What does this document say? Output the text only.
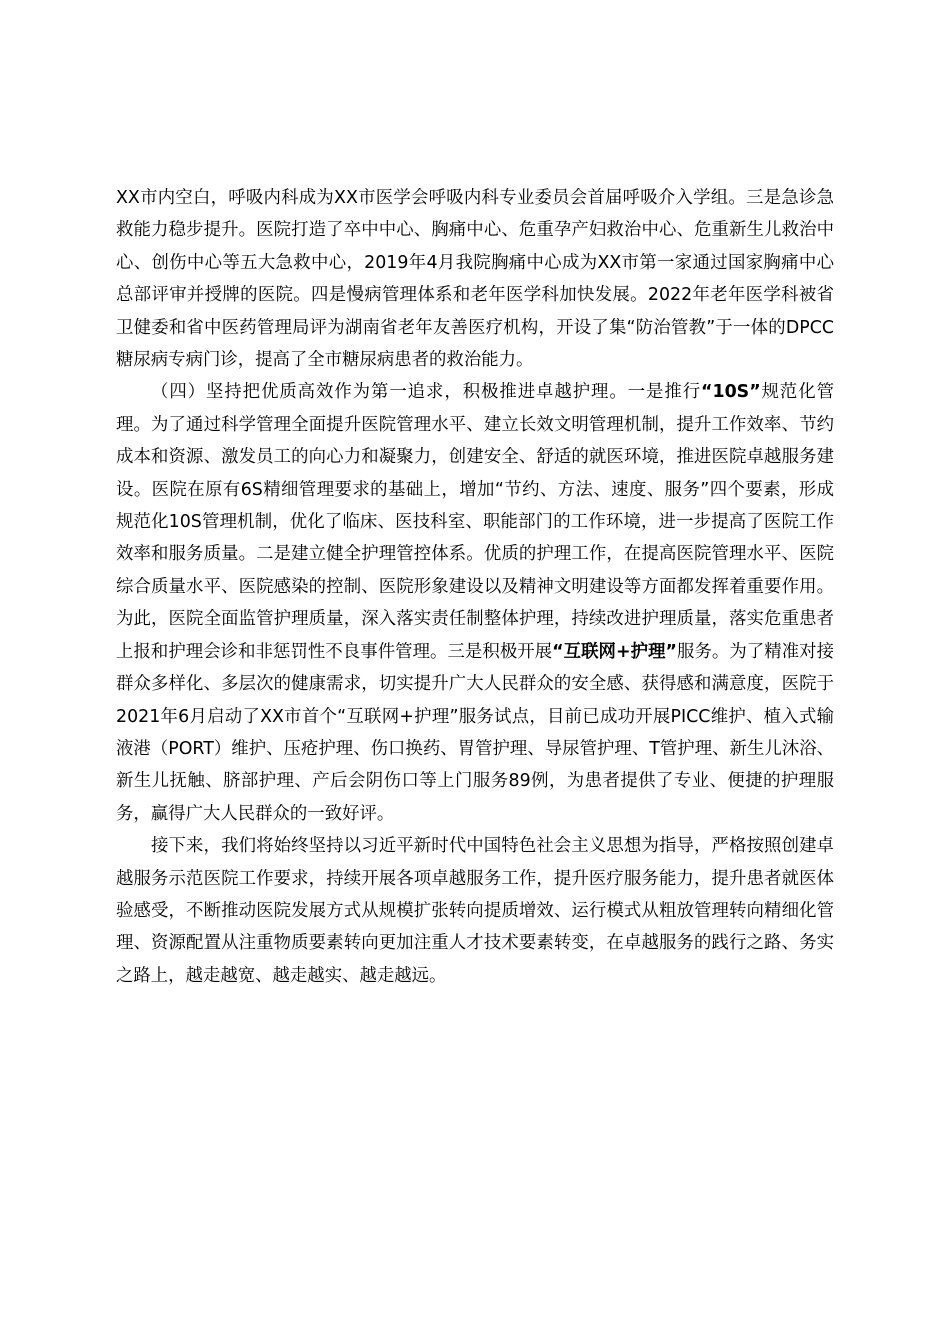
XX市内空白，呼吸内科成为XX市医学会呼吸内科专业委员会首届呼吸介入学组。三是急诊急救能力稳步提升。医院打造了卒中中心、胸痛中心、危重孕产妇救治中心、危重新生儿救治中心、创伤中心等五大急救中心，2019年4月我院胸痛中心成为XX市第一家通过国家胸痛中心总部评审并授牌的医院。四是慢病管理体系和老年医学科加快发展。2022年老年医学科被省卫健委和省中医药管理局评为湖南省老年友善医疗机构，开设了集“防治管教”于一体的DPCC糖尿病专病门诊，提高了全市糖尿病患者的救治能力。

（四）坚持把优质高效作为第一追求，积极推进卓越护理。一是推行“10S”规范化管理。为了通过科学管理全面提升医院管理水平、建立长效文明管理机制，提升工作效率、节约成本和资源、激发员工的向心力和凝聚力，创建安全、舒适的就医环境，推进医院卓越服务建设。医院在原有6S精细管理要求的基础上，增加“节约、方法、速度、服务”四个要素，形成规范化10S管理机制，优化了临床、医技科室、职能部门的工作环境，进一步提高了医院工作效率和服务质量。二是建立健全护理管控体系。优质的护理工作，在提高医院管理水平、医院综合质量水平、医院感染的控制、医院形象建设以及精神文明建设等方面都发挥着重要作用。为此，医院全面监管护理质量，深入落实责任制整体护理，持续改进护理质量，落实危重患者上报和护理会诊和非惩罚性不良事件管理。三是积极开展“互联网+护理”服务。为了精准对接群众多样化、多层次的健康需求，切实提升广大人民群众的安全感、获得感和满意度，医院于2021年6月启动了XX市首个“互联网+护理”服务试点，目前已成功开展PICC维护、植入式输液港（PORT）维护、压疮护理、伤口换药、胃管护理、导尿管护理、T管护理、新生儿沐浴、新生儿抚触、脐部护理、产后会阴伤口等上门服务89例，为患者提供了专业、便捷的护理服务，赢得广大人民群众的一致好评。

接下来，我们将始终坚持以习近平新时代中国特色社会主义思想为指导，严格按照创建卓越服务示范医院工作要求，持续开展各项卓越服务工作，提升医疗服务能力，提升患者就医体验感受，不断推动医院发展方式从规模扩张转向提质增效、运行模式从粗放管理转向精细化管理、资源配置从注重物质要素转向更加注重人才技术要素转变，在卓越服务的践行之路、务实之路上，越走越宽、越走越实、越走越远。
